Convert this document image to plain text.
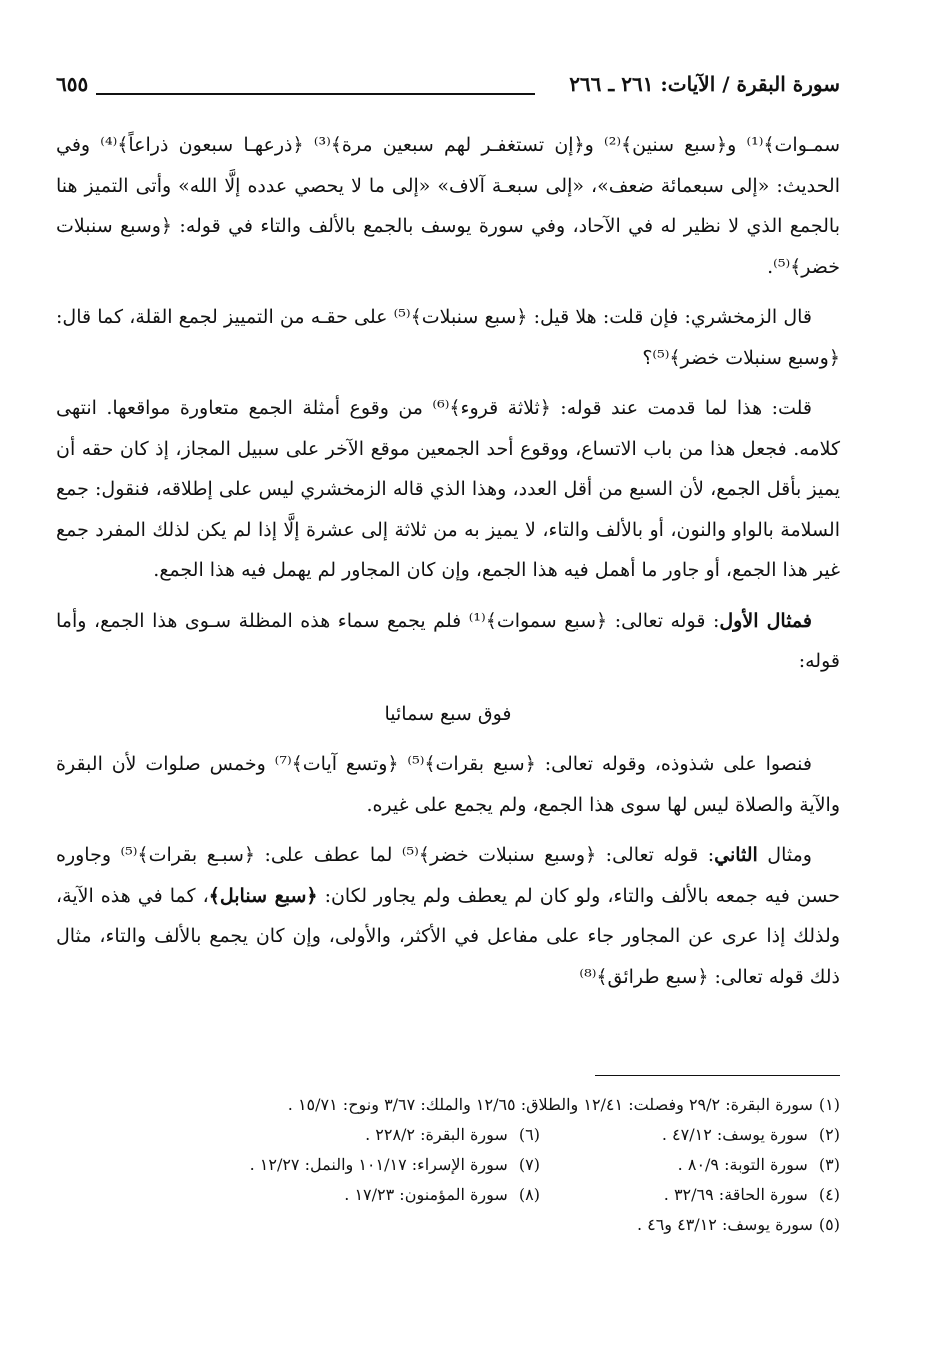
سورة البقرة / الآيات: ٢٦١ ـ ٢٦٦
٦٥٥

سمـوات﴾⁽¹⁾ و﴿سبع سنين﴾⁽²⁾ و﴿إن تستغفـر لهم سبعين مرة﴾⁽³⁾ ﴿ذرعهـا سبعون ذراعاً﴾⁽⁴⁾ وفي الحديث: «إلى سبعمائة ضعف»، «إلى سبعـة آلاف» «إلى ما لا يحصي عدده إلَّا الله» وأتى التميز هنا بالجمع الذي لا نظير له في الآحاد، وفي سورة يوسف بالجمع بالألف والتاء في قوله: ﴿وسبع سنبلات خضر﴾⁽⁵⁾.

قال الزمخشري: فإن قلت: هلا قيل: ﴿سبع سنبلات﴾⁽⁵⁾ على حقـه من التمييز لجمع القلة، كما قال: ﴿وسبع سنبلات خضر﴾⁽⁵⁾؟

قلت: هذا لما قدمت عند قوله: ﴿ثلاثة قروء﴾⁽⁶⁾ من وقوع أمثلة الجمع متعاورة مواقعها. انتهى كلامه. فجعل هذا من باب الاتساع، ووقوع أحد الجمعين موقع الآخر على سبيل المجاز، إذ كان حقه أن يميز بأقل الجمع، لأن السبع من أقل العدد، وهذا الذي قاله الزمخشري ليس على إطلاقه، فنقول: جمع السلامة بالواو والنون، أو بالألف والتاء، لا يميز به من ثلاثة إلى عشرة إلَّا إذا لم يكن لذلك المفرد جمع غير هذا الجمع، أو جاور ما أهمل فيه هذا الجمع، وإن كان المجاور لم يهمل فيه هذا الجمع.

فمثال الأول: قوله تعالى: ﴿سبع سموات﴾⁽¹⁾ فلم يجمع سماء هذه المظلة سـوى هذا الجمع، وأما قوله:

فوق سبع سمائيا

فنصوا على شذوذه، وقوله تعالى: ﴿سبع بقرات﴾⁽⁵⁾ ﴿وتسع آيات﴾⁽⁷⁾ وخمس صلوات لأن البقرة والآية والصلاة ليس لها سوى هذا الجمع، ولم يجمع على غيره.

ومثال الثاني: قوله تعالى: ﴿وسبع سنبلات خضر﴾⁽⁵⁾ لما عطف على: ﴿سبـع بقرات﴾⁽⁵⁾ وجاوره حسن فيه جمعه بالألف والتاء، ولو كان لم يعطف ولم يجاور لكان: ﴿سبع سنابل﴾، كما في هذه الآية، ولذلك إذا عرى عن المجاور جاء على مفاعل في الأكثر، والأولى، وإن كان يجمع بالألف والتاء، مثال ذلك قوله تعالى: ﴿سبع طرائق﴾⁽⁸⁾

(١)
سورة البقرة: ٢٩/٢ وفصلت: ١٢/٤١ والطلاق: ١٢/٦٥ والملك: ٣/٦٧ ونوح: ١٥/٧١ .
(٢) سورة يوسف: ٤٧/١٢ .
(٦) سورة البقرة: ٢٢٨/٢ .
(٣) سورة التوبة: ٨٠/٩ .
(٧) سورة الإسراء: ١٠١/١٧ والنمل: ١٢/٢٧ .
(٤) سورة الحاقة: ٣٢/٦٩ .
(٨) سورة المؤمنون: ١٧/٢٣ .
(٥)
سورة يوسف: ٤٣/١٢ و٤٦ .
